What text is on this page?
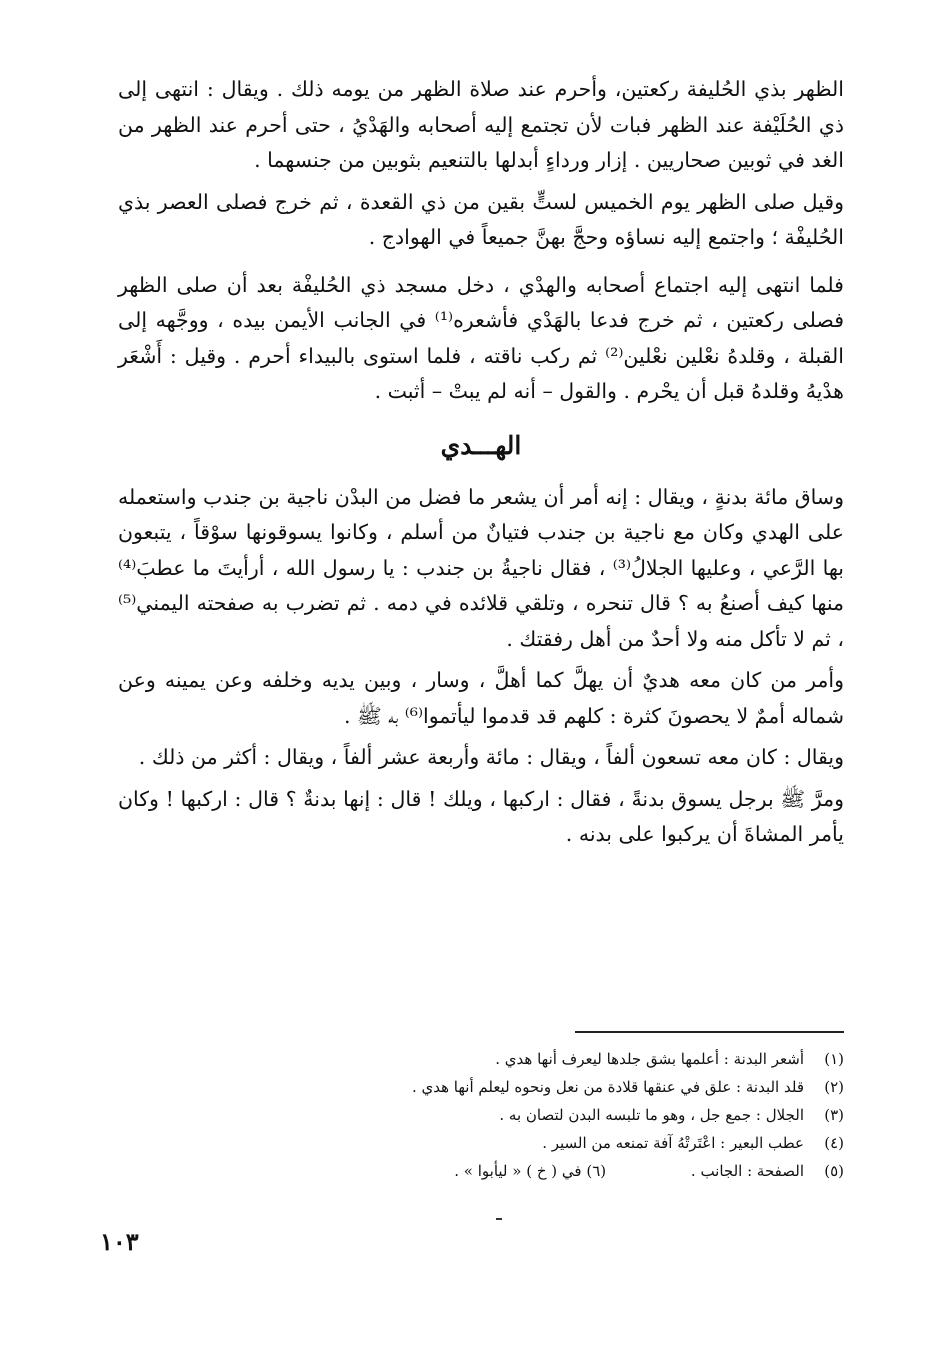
الظهر بذي الحُليفة ركعتين، وأحرم عند صلاة الظهر من يومه ذلك . ويقال : انتهى إلى ذي الحُلَيْفة عند الظهر فبات لأن تجتمع إليه أصحابه والهَدْيُ ، حتى أحرم عند الظهر من الغد في ثوبين صحاريين . إزار ورداءٍ أبدلها بالتنعيم بثوبين من جنسهما .

وقيل صلى الظهر يوم الخميس لستٍّ بقين من ذي القعدة ، ثم خرج فصلى العصر بذي الحُليفْة ؛ واجتمع إليه نساؤه وحجَّ بهنَّ جميعاً في الهوادج .

فلما انتهى إليه اجتماع أصحابه والهدْي ، دخل مسجد ذي الحُليفْة بعد أن صلى الظهر فصلى ركعتين ، ثم خرج فدعا بالهَدْي فأشعره⁽¹⁾ في الجانب الأيمن بيده ، ووجَّهه إلى القبلة ، وقلدهُ نعْلين نعْلين⁽²⁾ ثم ركب ناقته ، فلما استوى بالبيداء أحرم . وقيل : أَشْعَر هدْيهُ وقلدهُ قبل أن يحْرم . والقول – أنه لم يبتْ – أثبت .

الهـــدي

وساق مائة بدنةٍ ، ويقال : إنه أمر أن يشعر ما فضل من البدْن ناجية بن جندب واستعمله على الهدي وكان مع ناجية بن جندب فتيانٌ من أسلم ، وكانوا يسوقونها سوْقاً ، يتبعون بها الرَّعي ، وعليها الجلالُ⁽³⁾ ، فقال ناجيةُ بن جندب : يا رسول الله ، أرأيتَ ما عطبَ⁽⁴⁾ منها كيف أصنعُ به ؟ قال تنحره ، وتلقي قلائده في دمه . ثم تضرب به صفحته اليمني⁽⁵⁾ ، ثم لا تأكل منه ولا أحدٌ من أهل رفقتك .

وأمر من كان معه هديٌ أن يهلَّ كما أهلَّ ، وسار ، وبين يديه وخلفه وعن يمينه وعن شماله أممٌ لا يحصونَ كثرة : كلهم قد قدموا ليأتموا⁽⁶⁾ به ﷺ .

ويقال : كان معه تسعون ألفاً ، ويقال : مائة وأربعة عشر ألفاً ، ويقال : أكثر من ذلك .

ومرَّ ﷺ برجل يسوق بدنةً ، فقال : اركبها ، ويلك ! قال : إنها بدنةٌ ؟ قال : اركبها ! وكان يأمر المشاةَ أن يركبوا على بدنه .

(١)
أشعر البدنة : أعلمها بشق جلدها ليعرف أنها هدي .
(٢)
قلد البدنة : علق في عنقها قلادة من نعل ونحوه ليعلم أنها هدي .
(٣)
الجلال : جمع جل ، وهو ما تلبسه البدن لتصان به .
(٤)
عطب البعير : اعْتَرتْهُ آفة تمنعه من السير .
(٥)
الصفحة : الجانب . (٦) في ( خ ) « ليأبوا » .
١٠٣
